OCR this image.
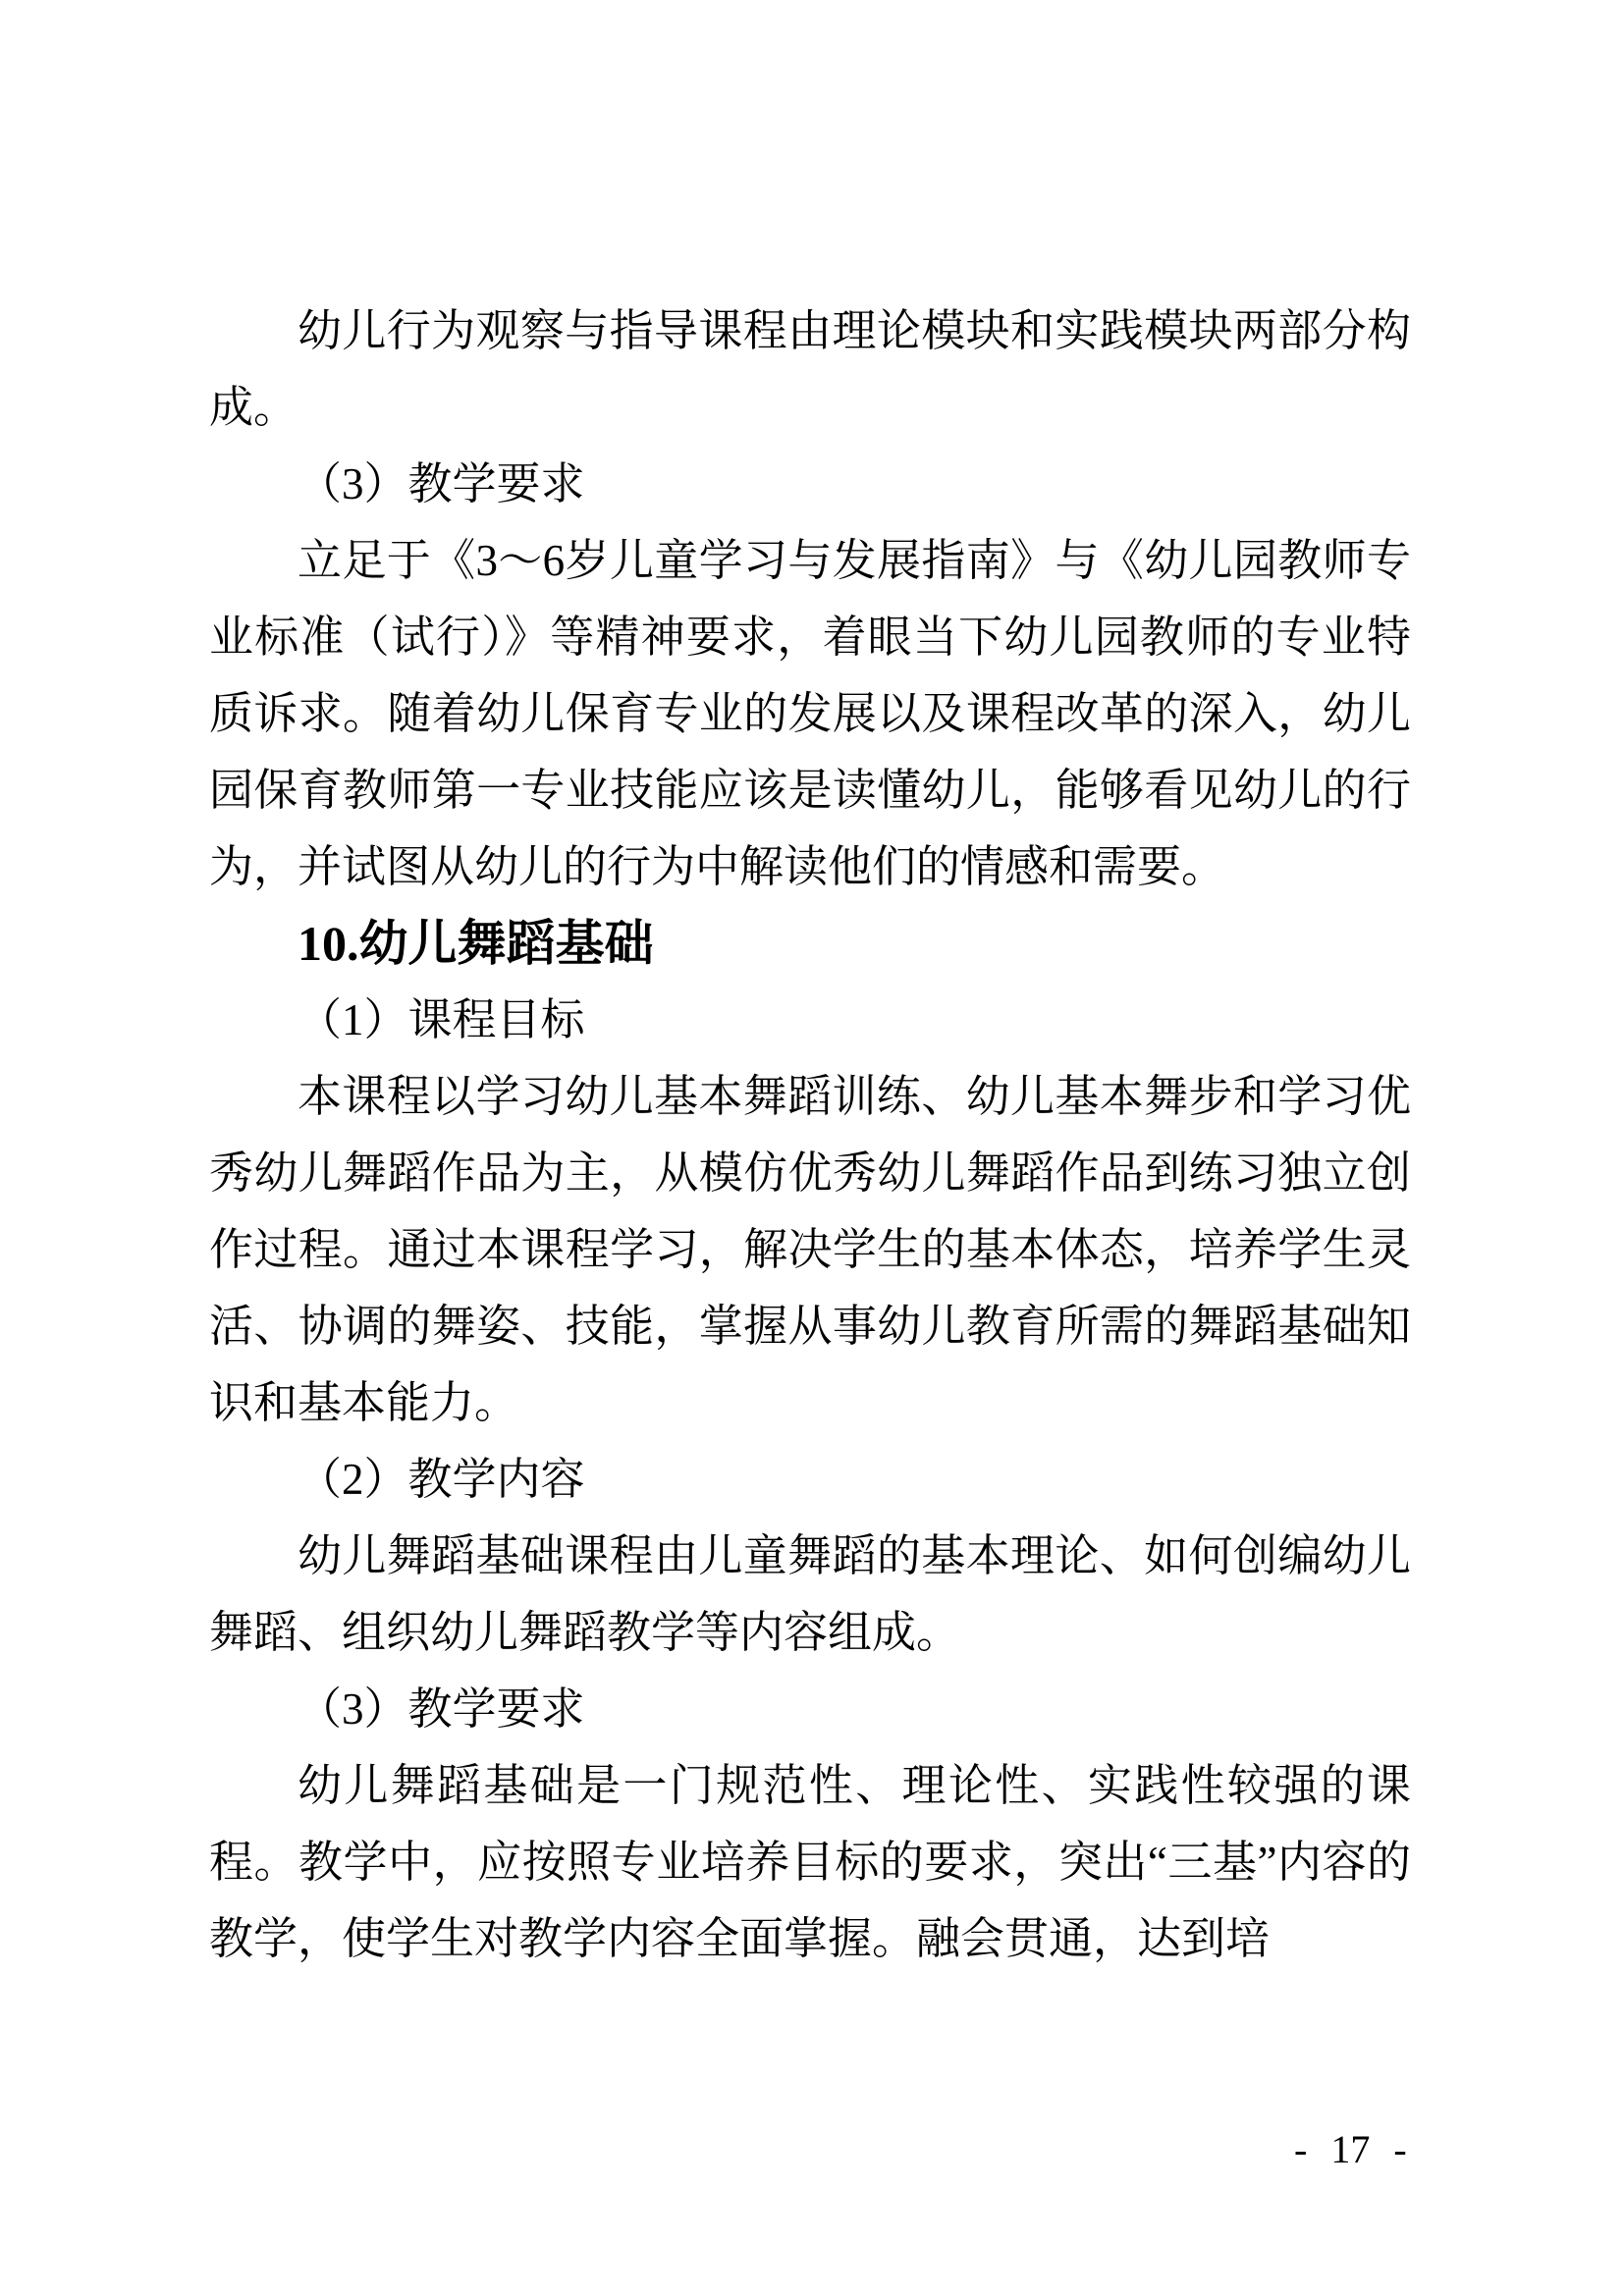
幼儿行为观察与指导课程由理论模块和实践模块两部分构成。

（3）教学要求

立足于《3～6岁儿童学习与发展指南》与《幼儿园教师专业标准（试行）》等精神要求，着眼当下幼儿园教师的专业特质诉求。随着幼儿保育专业的发展以及课程改革的深入，幼儿园保育教师第一专业技能应该是读懂幼儿，能够看见幼儿的行为，并试图从幼儿的行为中解读他们的情感和需要。

10.幼儿舞蹈基础

（1）课程目标

本课程以学习幼儿基本舞蹈训练、幼儿基本舞步和学习优秀幼儿舞蹈作品为主，从模仿优秀幼儿舞蹈作品到练习独立创作过程。通过本课程学习，解决学生的基本体态，培养学生灵活、协调的舞姿、技能，掌握从事幼儿教育所需的舞蹈基础知识和基本能力。

（2）教学内容

幼儿舞蹈基础课程由儿童舞蹈的基本理论、如何创编幼儿舞蹈、组织幼儿舞蹈教学等内容组成。

（3）教学要求

幼儿舞蹈基础是一门规范性、理论性、实践性较强的课程。教学中，应按照专业培养目标的要求，突出“三基”内容的教学，使学生对教学内容全面掌握。融会贯通，达到培

- 17 -
